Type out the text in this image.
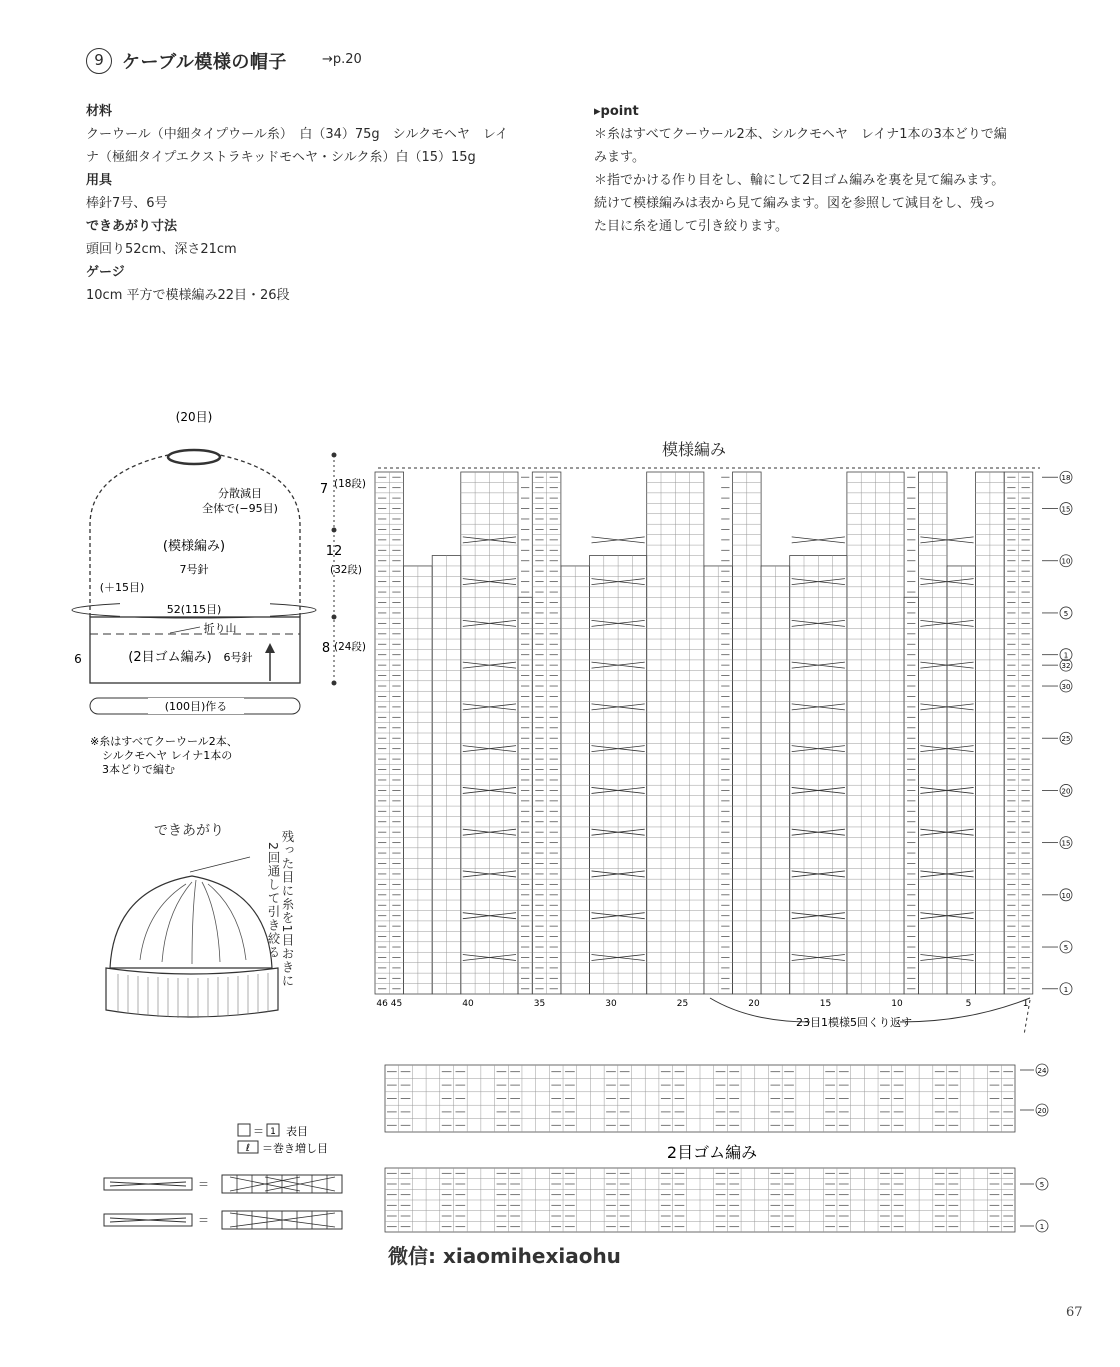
9	ケーブル模様の帽子	→p.20
材料
クーウール（中細タイプウール糸）　白（34）75g　シルクモヘヤ　レイ
ナ（極細タイプエクストラキッドモヘヤ・シルク糸）白（15）15g
用具
棒針7号、6号
できあがり寸法
頭回り52cm、深さ21cm
ゲージ
10cm 平方で模様編み22目・26段
▸point
＊糸はすべてクーウール2本、シルクモヘヤ　レイナ1本の3本どりで編
みます。
＊指でかける作り目をし、輪にして2目ゴム編みを裏を見て編みます。
続けて模様編みは表から見て編みます。図を参照して減目をし、残っ
た目に糸を通して引き絞ります。
(20目)
分散減目
全体で(−95目)
(模様編み)
7号針
(＋15目)
52(115目)
折り山
(2目ゴム編み) 6号針
6
(100目)作る
7 (18段)
12
(32段)
8 (24段)
※糸はすべてクーウール2本、
シルクモヘヤ レイナ1本の
3本どりで編む
できあがり	残った目に糸を1目おきに
2回通して引き絞る
模様編み
18
15
10
5
1
32
30
25
20
15
10
5
1
46 45	40	35	30	25	20	15	10	5	1
23目1模様5回くり返す
2目ゴム編み
24
20
5
1
＝ 1 表目
ℓ ＝巻き増し目
＝
＝
微信: xiaomihexiaohu
67
